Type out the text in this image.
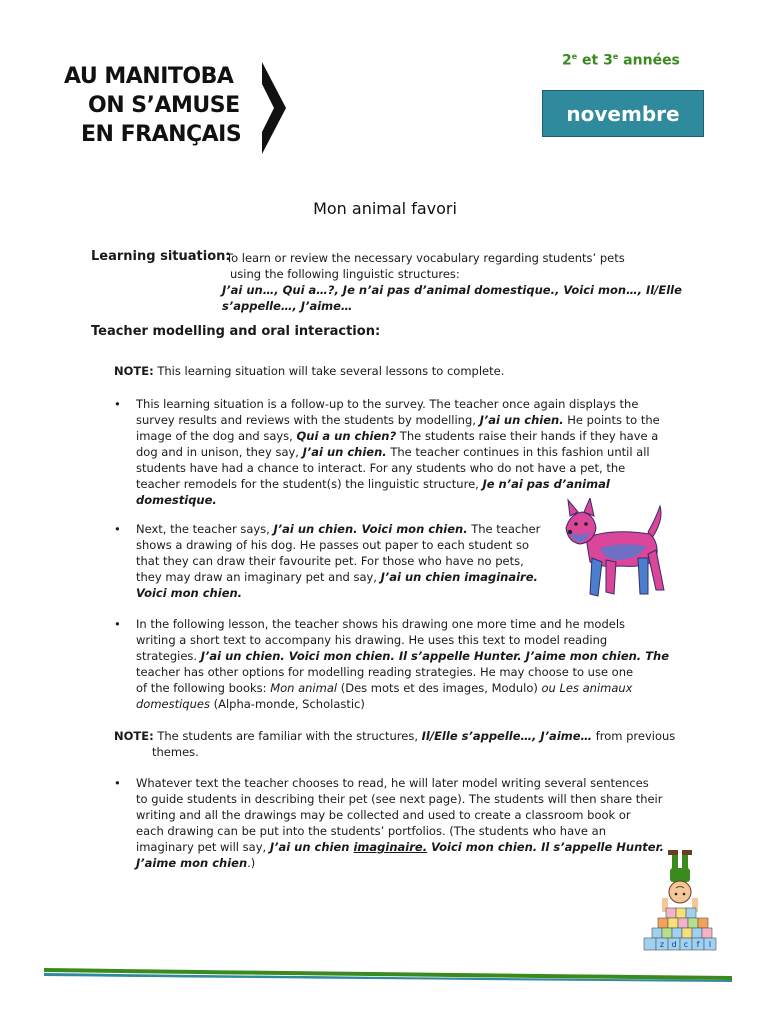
AU MANITOBA
ON S’AMUSE
EN FRANÇAIS
2e et 3e années
novembre
Mon animal favori
Learning situation:
To learn or review the necessary vocabulary regarding students’ pets
using the following linguistic structures:
J’ai un…, Qui a…?, Je n’ai pas d’animal domestique., Voici mon…, Il/Elle
s’appelle…, J’aime…
Teacher modelling and oral interaction:
NOTE: This learning situation will take several lessons to complete.
• This learning situation is a follow-up to the survey. The teacher once again displays the
survey results and reviews with the students by modelling, J’ai un chien. He points to the
image of the dog and says, Qui a un chien? The students raise their hands if they have a
dog and in unison, they say, J’ai un chien. The teacher continues in this fashion until all
students have had a chance to interact. For any students who do not have a pet, the
teacher remodels for the student(s) the linguistic structure, Je n’ai pas d’animal
domestique.
• Next, the teacher says, J’ai un chien. Voici mon chien. The teacher
shows a drawing of his dog. He passes out paper to each student so
that they can draw their favourite pet. For those who have no pets,
they may draw an imaginary pet and say, J’ai un chien imaginaire.
Voici mon chien.
• In the following lesson, the teacher shows his drawing one more time and he models
writing a short text to accompany his drawing. He uses this text to model reading
strategies. J’ai un chien. Voici mon chien. Il s’appelle Hunter. J’aime mon chien. The
teacher has other options for modelling reading strategies. He may choose to use one
of the following books: Mon animal (Des mots et des images, Modulo) ou Les animaux
domestiques (Alpha-monde, Scholastic)
NOTE: The students are familiar with the structures, Il/Elle s’appelle…, J’aime… from previous
themes.
• Whatever text the teacher chooses to read, he will later model writing several sentences
to guide students in describing their pet (see next page). The students will then share their
writing and all the drawings may be collected and used to create a classroom book or
each drawing can be put into the students’ portfolios. (The students who have an
imaginary pet will say, J’ai un chien imaginaire. Voici mon chien. Il s’appelle Hunter.
J’aime mon chien.)
z d c f l
